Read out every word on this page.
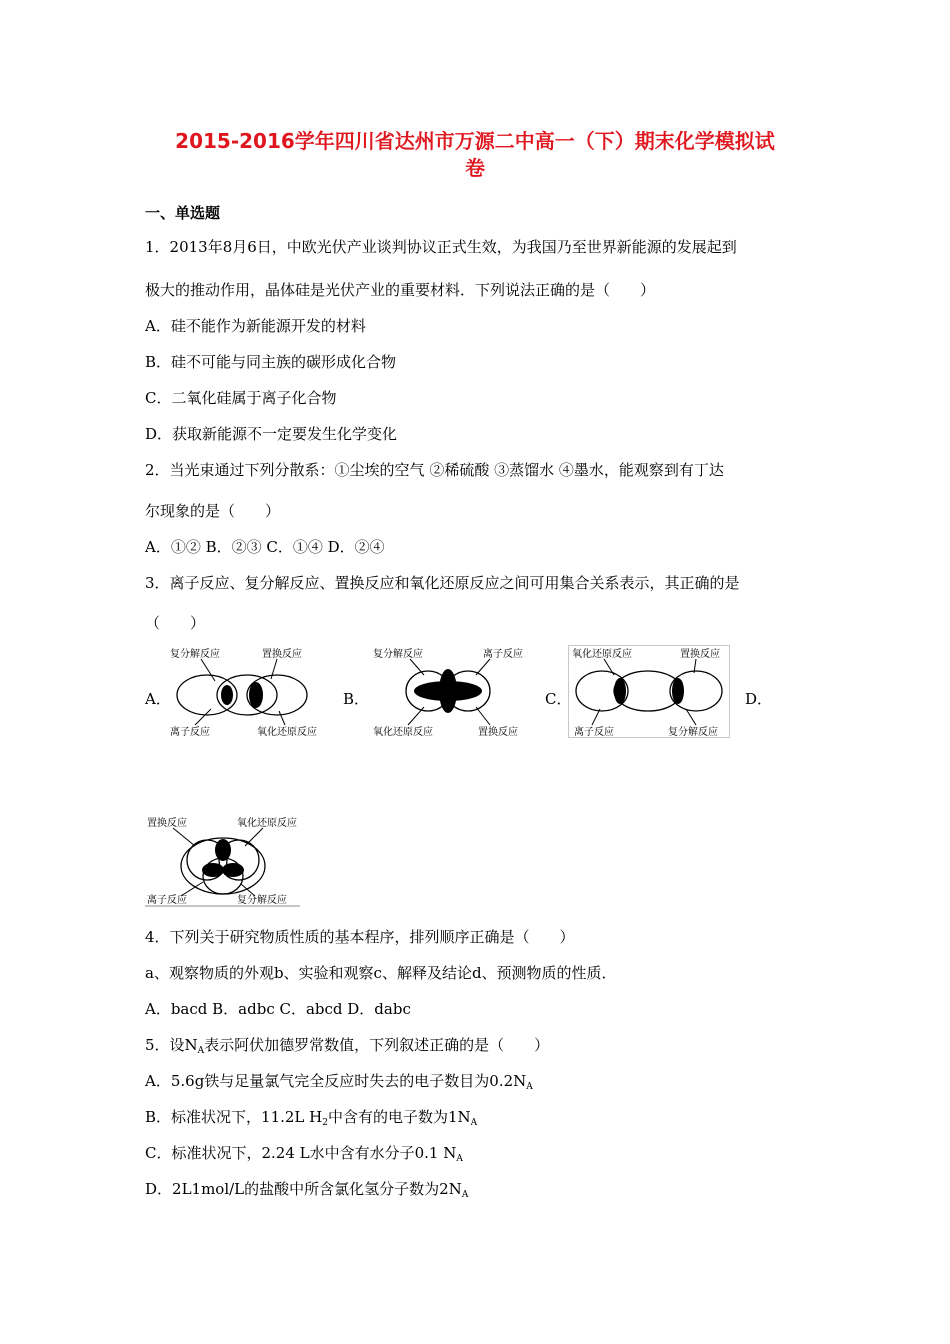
2015-2016学年四川省达州市万源二中高一（下）期末化学模拟试
卷
一、单选题
1．2013年8月6日，中欧光伏产业谈判协议正式生效，为我国乃至世界新能源的发展起到
极大的推动作用，晶体硅是光伏产业的重要材料．下列说法正确的是（　　）
A．硅不能作为新能源开发的材料
B．硅不可能与同主族的碳形成化合物
C．二氧化硅属于离子化合物
D．获取新能源不一定要发生化学变化
2．当光束通过下列分散系：①尘埃的空气 ②稀硫酸 ③蒸馏水 ④墨水，能观察到有丁达
尔现象的是（　　）
A．①② B．②③ C．①④ D．②④
3．离子反应、复分解反应、置换反应和氧化还原反应之间可用集合关系表示，其正确的是
（　　）
A．
复分解反应	置换反应
离子反应	氧化还原反应
B．
复分解反应	离子反应
氧化还原反应	置换反应
C．
氧化还原反应	置换反应
离子反应	复分解反应
D．
置换反应	氧化还原反应
离子反应	复分解反应
4．下列关于研究物质性质的基本程序，排列顺序正确是（　　）
a、观察物质的外观b、实验和观察c、解释及结论d、预测物质的性质．
A．bacd B．adbc C．abcd D．dabc
5．设$N_A$表示阿伏加德罗常数值，下列叙述正确的是（　　）
A．5.6g铁与足量氯气完全反应时失去的电子数目为$0.2N_A$
B．标准状况下，11.2L $H_2$中含有的电子数为$1N_A$
C．标准状况下，2.24 L水中含有水分子0.1 $N_A$
D．2L1mol/L的盐酸中所含氯化氢分子数为$2N_A$
